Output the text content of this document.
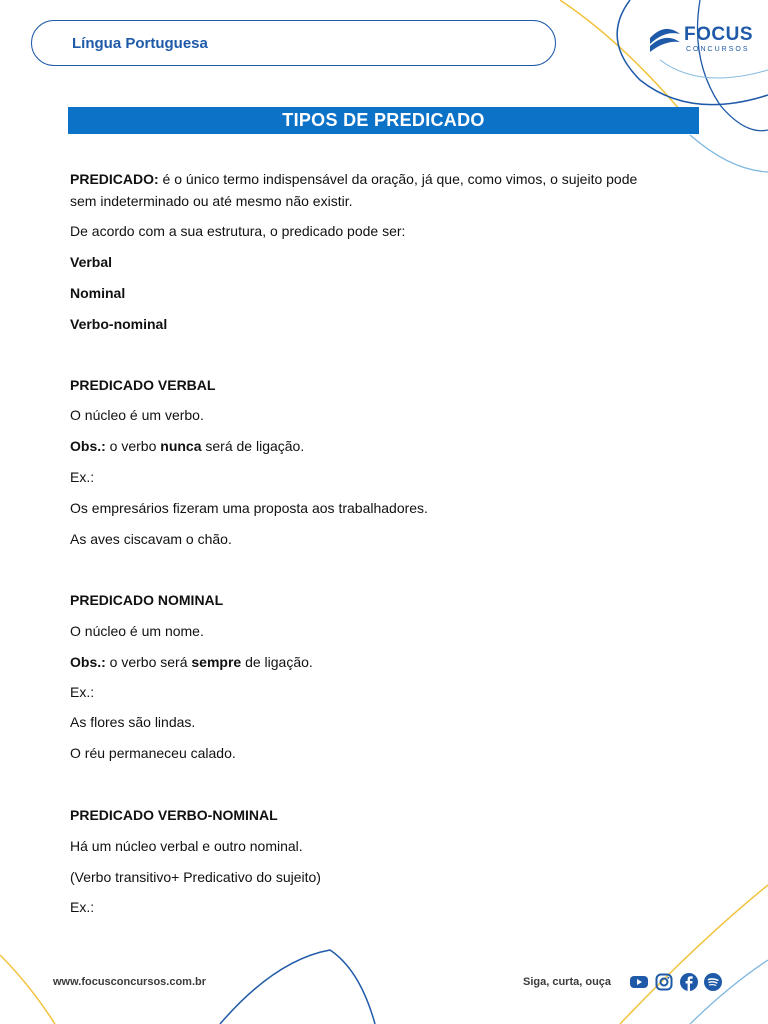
Língua Portuguesa	FOCUS
CONCURSOS
TIPOS DE PREDICADO
PREDICADO: é o único termo indispensável da oração, já que, como vimos, o sujeito pode
sem indeterminado ou até mesmo não existir.
De acordo com a sua estrutura, o predicado pode ser:
Verbal
Nominal
Verbo-nominal
PREDICADO VERBAL
O núcleo é um verbo.
Obs.: o verbo nunca será de ligação.
Ex.:
Os empresários fizeram uma proposta aos trabalhadores.
As aves ciscavam o chão.
PREDICADO NOMINAL
O núcleo é um nome.
Obs.: o verbo será sempre de ligação.
Ex.:
As flores são lindas.
O réu permaneceu calado.
PREDICADO VERBO-NOMINAL
Há um núcleo verbal e outro nominal.
(Verbo transitivo+ Predicativo do sujeito)
Ex.:
www.focusconcursos.com.br	Siga, curta, ouça
